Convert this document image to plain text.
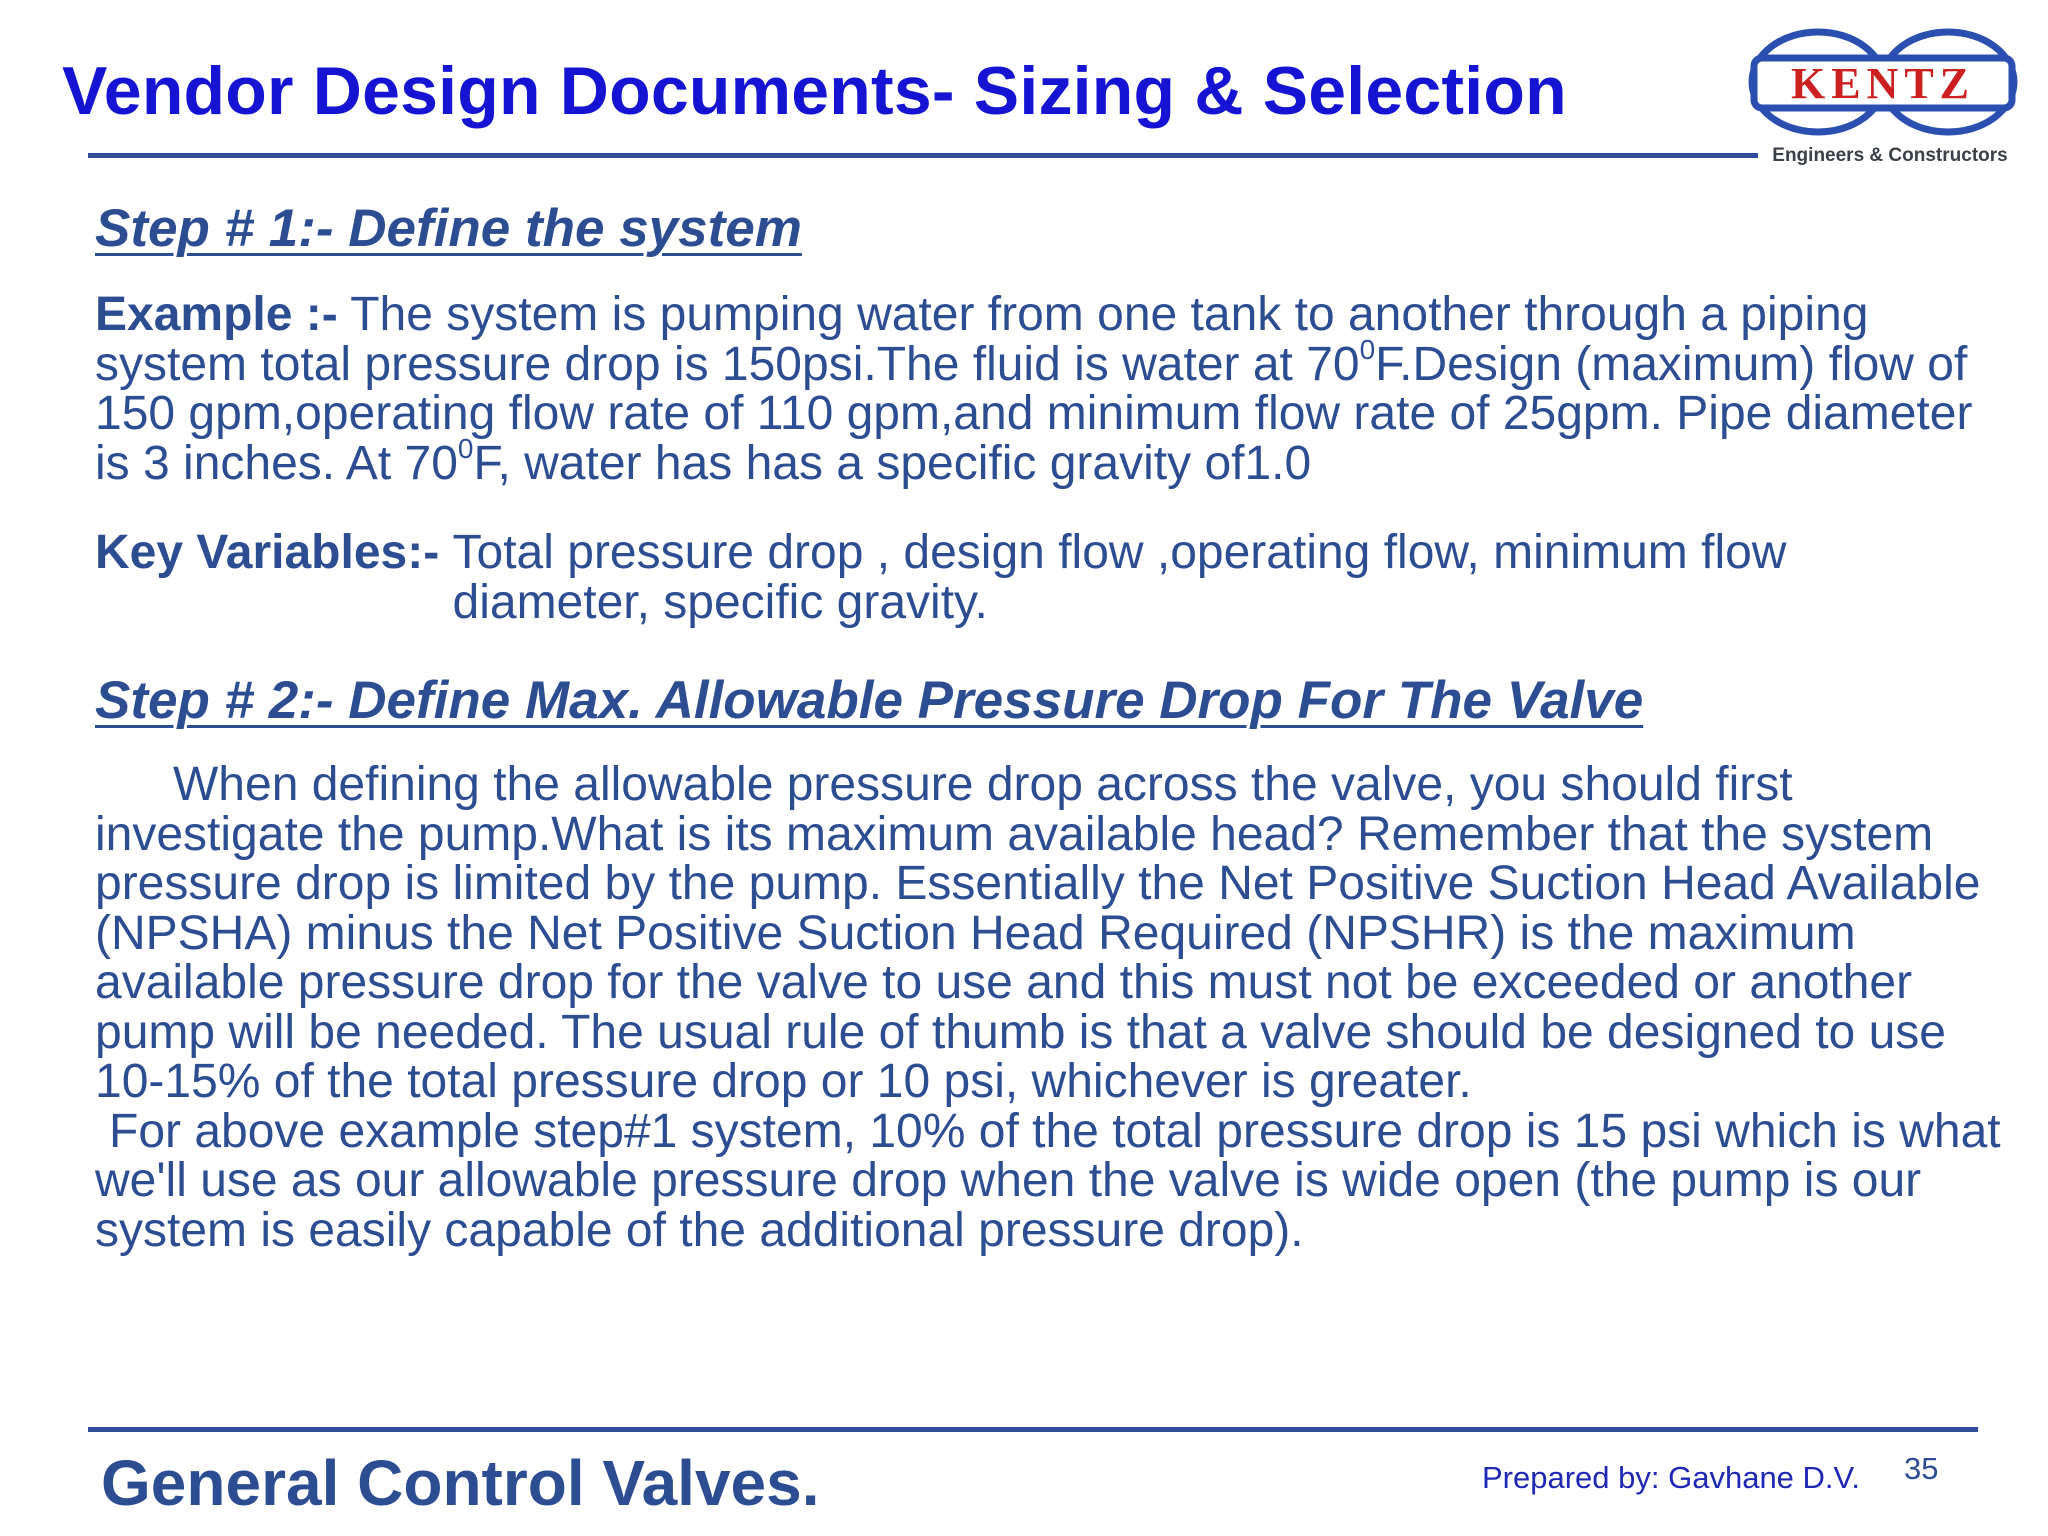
Vendor Design Documents- Sizing & Selection	KENTZ
Engineers & Constructors
Step # 1:- Define the system
Example :- The system is pumping water from one tank to another through a piping system total pressure drop is 150psi.The fluid is water at $70^0F.Design$ (maximum) flow of 150 gpm,operating flow rate of 110 gpm,and minimum flow rate of 25gpm. Pipe diameter is 3 inches. At $70^0F$, water has has a specific gravity of1.0
Key Variables:- Total pressure drop , design flow ,operating flow, minimum flow diameter, specific gravity.
Step # 2:- Define Max. Allowable Pressure Drop For The Valve

When defining the allowable pressure drop across the valve, you should first investigate the pump.What is its maximum available head? Remember that the system pressure drop is limited by the pump. Essentially the Net Positive Suction Head Available (NPSHA) minus the Net Positive Suction Head Required (NPSHR) is the maximum available pressure drop for the valve to use and this must not be exceeded or another pump will be needed. The usual rule of thumb is that a valve should be designed to use 10-15% of the total pressure drop or 10 psi, whichever is greater.

For above example step#1 system, 10% of the total pressure drop is 15 psi which is what we'll use as our allowable pressure drop when the valve is wide open (the pump is our system is easily capable of the additional pressure drop).

General Control Valves.	Prepared by: Gavhane D.V. 35
